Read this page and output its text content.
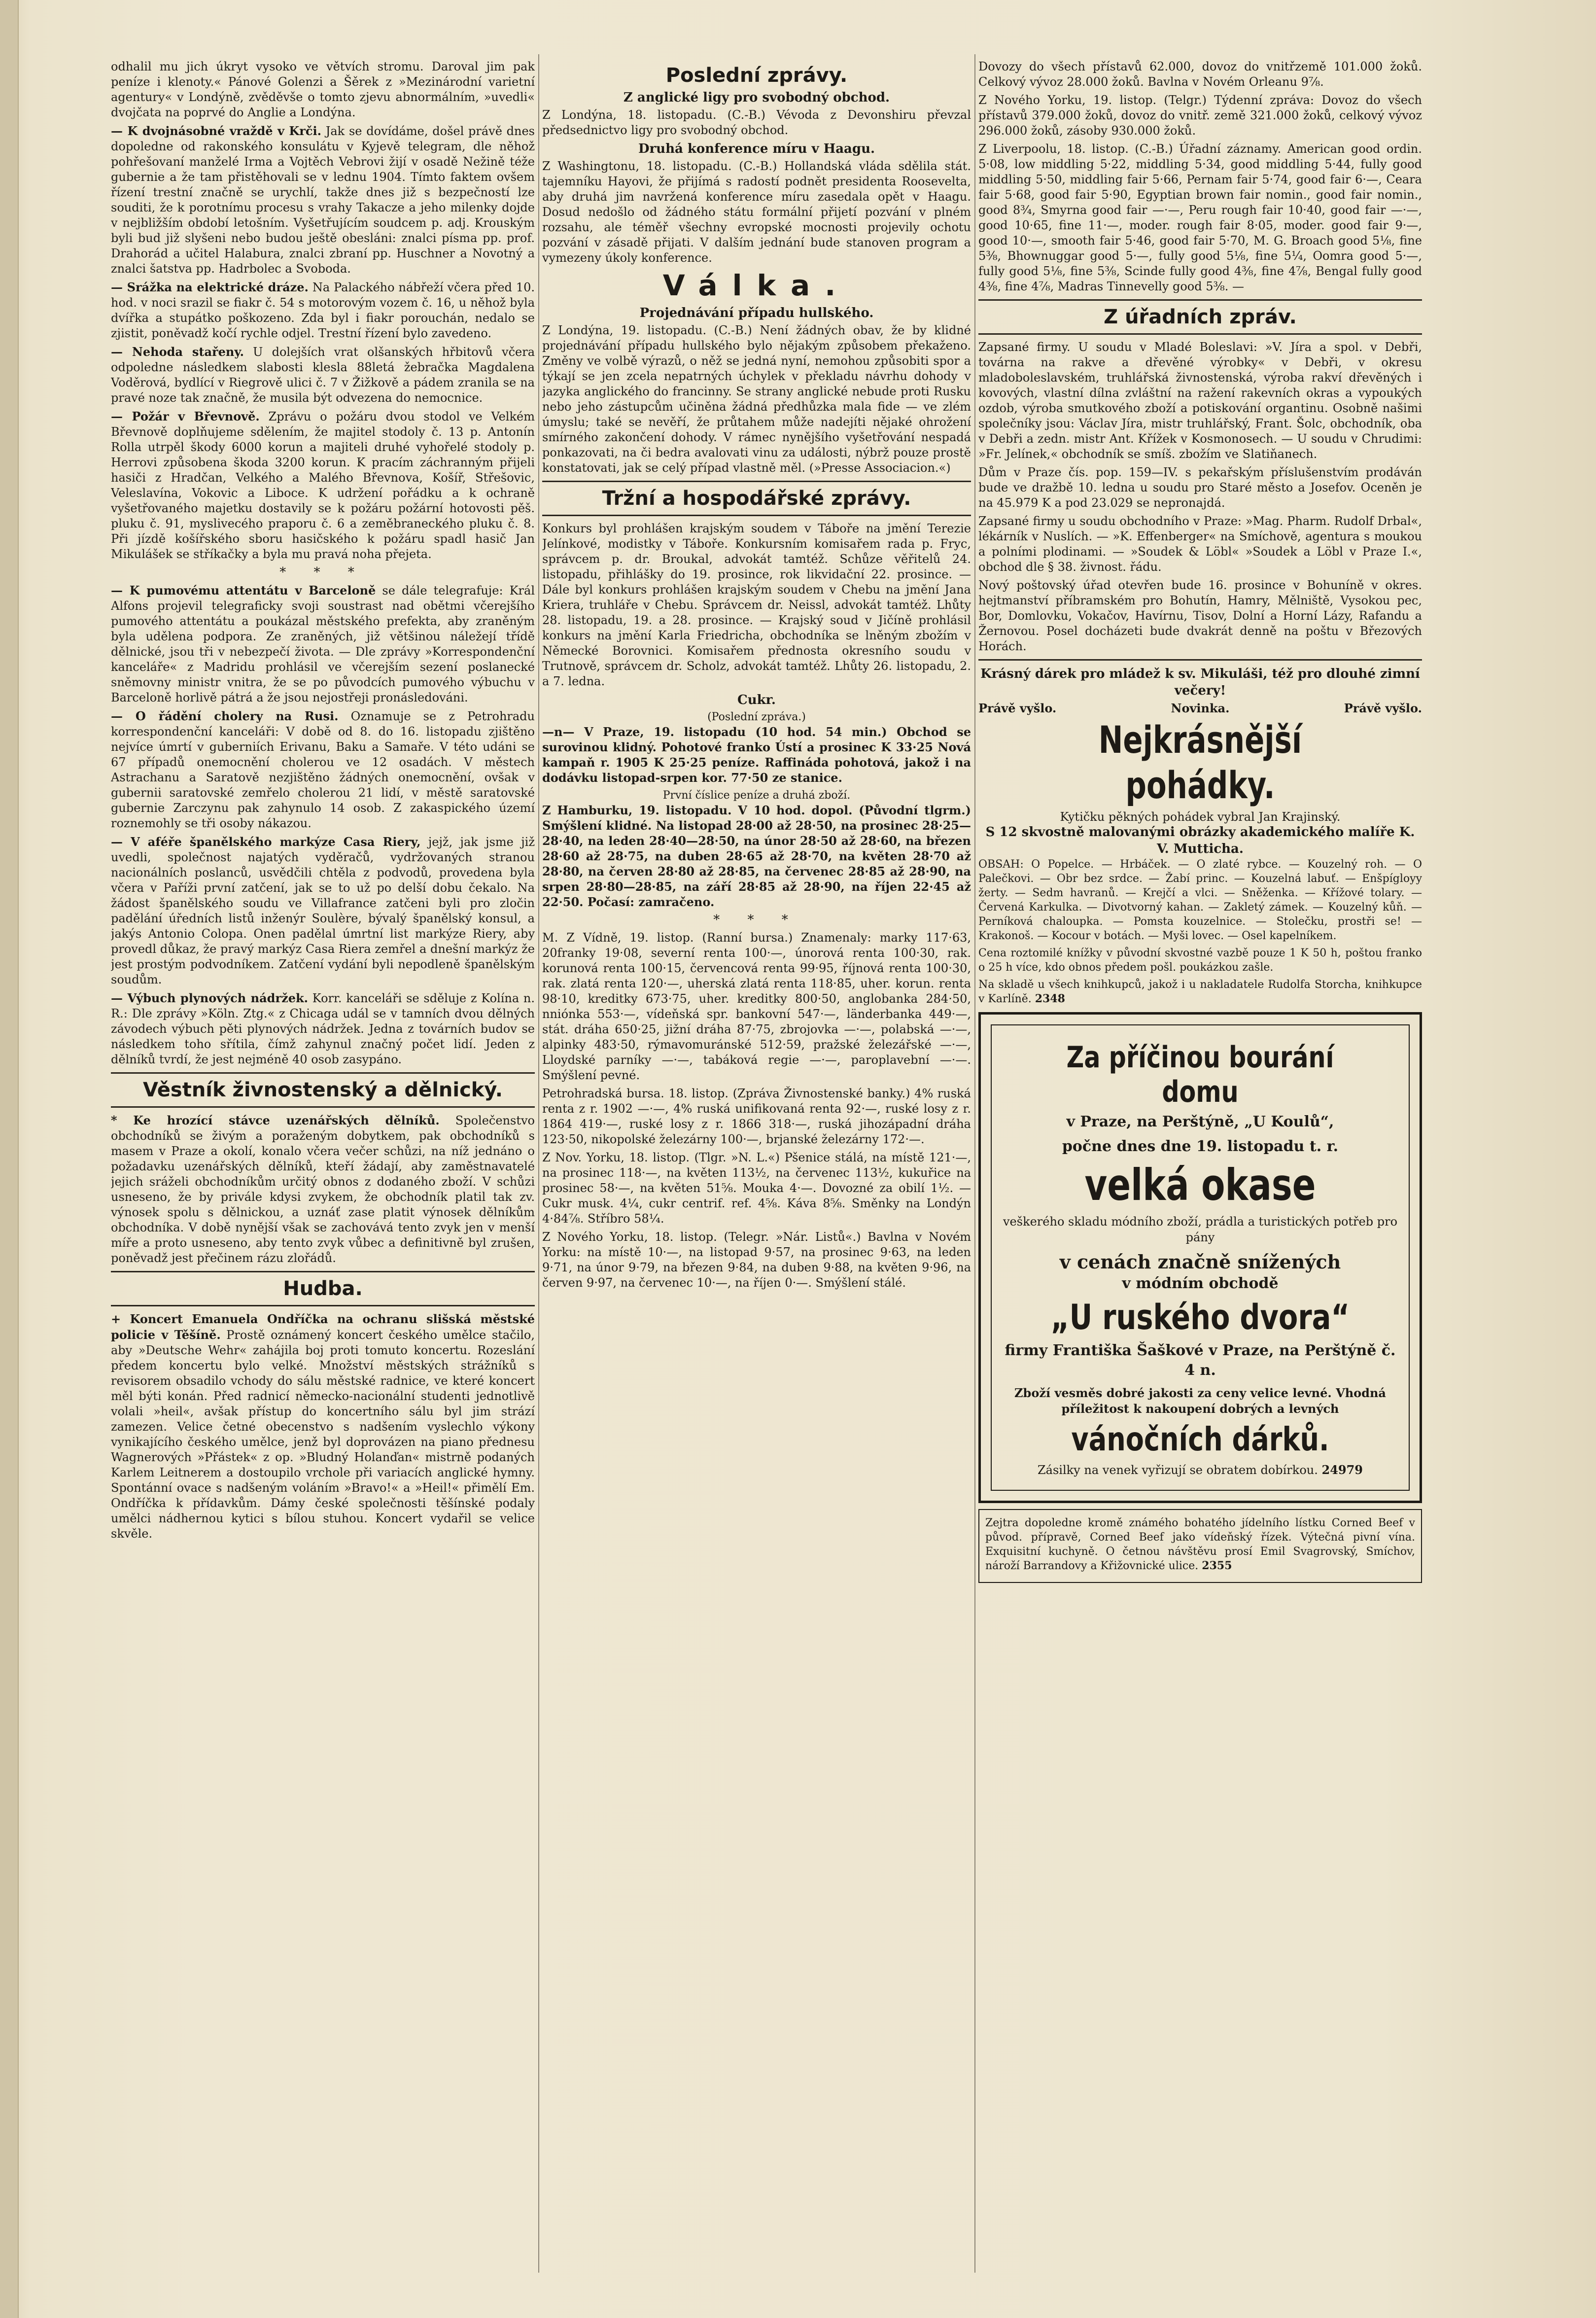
odhalil mu jich úkryt vysoko ve větvích stromu. Daroval jim pak peníze i klenoty.« Pánové Golenzi a Šěrek z »Mezinárodní varietní agentury« v Londýně, zvěděvše o tomto zjevu abnormálním, »uvedli« dvojčata na poprvé do Anglie a Londýna.

— K dvojnásobné vraždě v Krči. Jak se dovídáme, došel právě dnes dopoledne od rakonského konsulátu v Kyjevě telegram, dle něhož pohřešovaní manželé Irma a Vojtěch Vebrovi žijí v osadě Nežině téže gubernie a že tam přistěhovali se v lednu 1904. Tímto faktem ovšem řízení trestní značně se urychlí, takže dnes již s bezpečností lze souditi, že k porotnímu procesu s vrahy Takacze a jeho milenky dojde v nejbližším období letošním. Vyšetřujícím soudcem p. adj. Krouským byli bud již slyšeni nebo budou ještě obesláni: znalci písma pp. prof. Drahorád a učitel Halabura, znalci zbraní pp. Huschner a Novotný a znalci šatstva pp. Hadrbolec a Svoboda.

— Srážka na elektrické dráze. Na Palackého nábřeží včera před 10. hod. v noci srazil se fiakr č. 54 s motorovým vozem č. 16, u něhož byla dvířka a stupátko poškozeno. Zda byl i fiakr porouchán, nedalo se zjistit, poněvadž kočí rychle odjel. Trestní řízení bylo zavedeno.

— Nehoda stařeny. U dolejších vrat olšanských hřbitovů včera odpoledne následkem slabosti klesla 88letá žebračka Magdalena Voděrová, bydlící v Riegrově ulici č. 7 v Žižkově a pádem zranila se na pravé noze tak značně, že musila být odvezena do nemocnice.

— Požár v Břevnově. Zprávu o požáru dvou stodol ve Velkém Břevnově doplňujeme sdělením, že majitel stodoly č. 13 p. Antonín Rolla utrpěl škody 6000 korun a majiteli druhé vyhořelé stodoly p. Herrovi způsobena škoda 3200 korun. K pracím záchranným přijeli hasiči z Hradčan, Velkého a Malého Břevnova, Košíř, Střešovic, Veleslavína, Vokovic a Liboce. K udržení pořádku a k ochraně vyšetřovaného majetku dostavily se k požáru požární hotovosti pěš. pluku č. 91, myslivecého praporu č. 6 a zeměbraneckého pluku č. 8. Při jízdě košířského sboru hasičského k požáru spadl hasič Jan Mikulášek se stříkačky a byla mu pravá noha přejeta.

* * *

— K pumovému attentátu v Barceloně se dále telegrafuje: Král Alfons projevil telegraficky svoji soustrast nad obětmi včerejšího pumového attentátu a poukázal městského prefekta, aby zraněným byla udělena podpora. Ze zraněných, již většinou náležejí třídě dělnické, jsou tři v nebezpečí života. — Dle zprávy »Korrespondenční kanceláře« z Madridu prohlásil ve včerejším sezení poslanecké sněmovny ministr vnitra, že se po původcích pumového výbuchu v Barceloně horlivě pátrá a že jsou nejostřeji pronásledováni.

— O řádění cholery na Rusi. Oznamuje se z Petrohradu korrespondenční kanceláři: V době od 8. do 16. listopadu zjištěno nejvíce úmrtí v guberniích Erivanu, Baku a Samaře. V této udáni se 67 případů onemocnění cholerou ve 12 osadách. V městech Astrachanu a Saratově nezjištěno žádných onemocnění, ovšak v gubernii saratovské zemřelo cholerou 21 lidí, v městě saratovské gubernie Zarczynu pak zahynulo 14 osob. Z zakaspického území roznemohly se tři osoby nákazou.

— V aféře španělského markýze Casa Riery, jejž, jak jsme již uvedli, společnost najatých vyděračů, vydržovaných stranou nacionálních poslanců, usvědčili chtěla z podvodů, provedena byla včera v Paříži první zatčení, jak se to už po delší dobu čekalo. Na žádost španělského soudu ve Villafrance zatčeni byli pro zločin padělání úředních listů inženýr Soulère, bývalý španělský konsul, a jakýs Antonio Colopa. Onen padělal úmrtní list markýze Riery, aby provedl důkaz, že pravý markýz Casa Riera zemřel a dnešní markýz že jest prostým podvodníkem. Zatčení vydání byli nepodleně španělským soudům.

— Výbuch plynových nádržek. Korr. kanceláři se sděluje z Kolína n. R.: Dle zprávy »Köln. Ztg.« z Chicaga udál se v tamních dvou dělných závodech výbuch pěti plynových nádržek. Jedna z továrních budov se následkem toho sřítila, čímž zahynul značný počet lidí. Jeden z dělníků tvrdí, že jest nejméně 40 osob zasypáno.

Věstník živnostenský a dělnický.

* Ke hrozící stávce uzenářských dělníků. Společenstvo obchodníků se živým a poraženým dobytkem, pak obchodníků s masem v Praze a okolí, konalo včera večer schůzi, na níž jednáno o požadavku uzenářských dělníků, kteří žádají, aby zaměstnavatelé jejich sráželi obchodníkům určitý obnos z dodaného zboží. V schůzi usneseno, že by privále kdysi zvykem, že obchodník platil tak zv. výnosek spolu s dělnickou, a uznáť zase platit výnosek dělníkům obchodníka. V době nynější však se zachovává tento zvyk jen v menší míře a proto usneseno, aby tento zvyk vůbec a definitivně byl zrušen, poněvadž jest přečinem rázu zlořádů.

Hudba.

+ Koncert Emanuela Ondříčka na ochranu slišská městské policie v Těšíně. Prostě oznámený koncert českého umělce stačilo, aby »Deutsche Wehr« zahájila boj proti tomuto koncertu. Rozeslání předem koncertu bylo velké. Množství městských strážníků s revisorem obsadilo vchody do sálu městské radnice, ve které koncert měl býti konán. Před radnicí německo-nacionální studenti jednotlivě volali »heil«, avšak přístup do koncertního sálu byl jim strází zamezen. Velice četné obecenstvo s nadšením vyslechlo výkony vynikajícího českého umělce, jenž byl doprovázen na piano přednesu Wagnerových »Přástek« z op. »Bludný Holanďan« mistrně podaných Karlem Leitnerem a dostoupilo vrchole při variacích anglické hymny. Spontánní ovace s nadšeným voláním »Bravo!« a »Heil!« přimělí Em. Ondříčka k přídavkům. Dámy české společnosti těšínské podaly umělci nádhernou kytici s bílou stuhou. Koncert vydařil se velice skvěle.

Poslední zprávy.
Z anglické ligy pro svobodný obchod.

Z Londýna, 18. listopadu. (C.-B.) Vévoda z Devonshiru převzal předsednictvo ligy pro svobodný obchod.

Druhá konference míru v Haagu.

Z Washingtonu, 18. listopadu. (C.-B.) Hollandská vláda sdělila stát. tajemníku Hayovi, že přijímá s radostí podnět presidenta Roosevelta, aby druhá jim navržená konference míru zasedala opět v Haagu. Dosud nedošlo od žádného státu formální přijetí pozvání v plném rozsahu, ale téměř všechny evropské mocnosti projevily ochotu pozvání v zásadě přijati. V dalším jednání bude stanoven program a vymezeny úkoly konference.

Válka.
Projednávání případu hullského.

Z Londýna, 19. listopadu. (C.-B.) Není žádných obav, že by klidné projednávání případu hullského bylo nějakým způsobem překaženo. Změny ve volbě výrazů, o něž se jedná nyní, nemohou způsobiti spor a týkají se jen zcela nepatrných úchylek v překladu návrhu dohody v jazyka anglického do francinny. Se strany anglické nebude proti Rusku nebo jeho zástupcům učiněna žádná předhůzka mala fide — ve zlém úmyslu; také se nevěří, že průtahem může nadejíti nějaké ohrožení smírného zakončení dohody. V rámec nynějšího vyšetřování nespadá ponkazovati, na či bedra avalovati vinu za události, nýbrž pouze prostě konstatovati, jak se celý případ vlastně měl. (»Presse Associacion.«)

Tržní a hospodářské zprávy.

Konkurs byl prohlášen krajským soudem v Táboře na jmění Terezie Jelínkové, modistky v Táboře. Konkursním komisařem rada p. Fryc, správcem p. dr. Broukal, advokát tamtéž. Schůze věřitelů 24. listopadu, přihlášky do 19. prosince, rok likvidační 22. prosince. — Dále byl konkurs prohlášen krajským soudem v Chebu na jmění Jana Kriera, truhláře v Chebu. Správcem dr. Neissl, advokát tamtéž. Lhůty 28. listopadu, 19. a 28. prosince. — Krajský soud v Jičíně prohlásil konkurs na jmění Karla Friedricha, obchodníka se lněným zbožím v Německé Borovnici. Komisařem přednosta okresního soudu v Trutnově, správcem dr. Scholz, advokát tamtéž. Lhůty 26. listopadu, 2. a 7. ledna.

Cukr.
(Poslední zpráva.)

—n— V Praze, 19. listopadu (10 hod. 54 min.) Obchod se surovinou klidný. Pohotové franko Ústí a prosinec K 33·25 Nová kampaň r. 1905 K 25·25 peníze. Raffináda pohotová, jakož i na dodávku listopad-srpen kor. 77·50 ze stanice.

První číslice peníze a druhá zboží.

Z Hamburku, 19. listopadu. V 10 hod. dopol. (Původní tlgrm.) Smýšlení klidné. Na listopad 28·00 až 28·50, na prosinec 28·25—28·40, na leden 28·40—28·50, na únor 28·50 až 28·60, na březen 28·60 až 28·75, na duben 28·65 až 28·70, na květen 28·70 až 28·80, na červen 28·80 až 28·85, na červenec 28·85 až 28·90, na srpen 28·80—28·85, na září 28·85 až 28·90, na říjen 22·45 až 22·50. Počasí: zamračeno.

* * *

M. Z Vídně, 19. listop. (Ranní bursa.) Znamenaly: marky 117·63, 20franky 19·08, severní renta 100·—, únorová renta 100·30, rak. korunová renta 100·15, červencová renta 99·95, říjnová renta 100·30, rak. zlatá renta 120·—, uherská zlatá renta 118·85, uher. korun. renta 98·10, kreditky 673·75, uher. kreditky 800·50, anglobanka 284·50, nniónka 553·—, vídeňská spr. bankovní 547·—, länderbanka 449·—, stát. dráha 650·25, jižní dráha 87·75, zbrojovka —·—, polabská —·—, alpinky 483·50, rýmavomuránské 512·59, pražské železářské —·—, Lloydské parníky —·—, tabáková regie —·—, paroplavební —·—. Smýšlení pevné.

Petrohradská bursa. 18. listop. (Zpráva Živnostenské banky.) 4% ruská renta z r. 1902 —·—, 4% ruská unifikovaná renta 92·—, ruské losy z r. 1864 419·—, ruské losy z r. 1866 318·—, ruská jihozápadní dráha 123·50, nikopolské železárny 100·—, brjanské železárny 172·—.

Z Nov. Yorku, 18. listop. (Tlgr. »N. L.«) Pšenice stálá, na místě 121·—, na prosinec 118·—, na květen 113½, na červenec 113½, kukuřice na prosinec 58·—, na květen 51⅝. Mouka 4·—. Dovozné za obilí 1½. — Cukr musk. 4¼, cukr centrif. ref. 4⅝. Káva 8⅝. Směnky na Londýn 4·84⅞. Stříbro 58¼.

Z Nového Yorku, 18. listop. (Telegr. »Nár. Listů«.) Bavlna v Novém Yorku: na místě 10·—, na listopad 9·57, na prosinec 9·63, na leden 9·71, na únor 9·79, na březen 9·84, na duben 9·88, na květen 9·96, na červen 9·97, na červenec 10·—, na říjen 0·—. Smýšlení stálé.

Dovozy do všech přístavů 62.000, dovoz do vnitřzemě 101.000 žoků. Celkový vývoz 28.000 žoků. Bavlna v Novém Orleanu 9⅞.

Z Nového Yorku, 19. listop. (Telgr.) Týdenní zpráva: Dovoz do všech přístavů 379.000 žoků, dovoz do vnitř. země 321.000 žoků, celkový vývoz 296.000 žoků, zásoby 930.000 žoků.

Z Liverpoolu, 18. listop. (C.-B.) Úřadní záznamy. American good ordin. 5·08, low middling 5·22, middling 5·34, good middling 5·44, fully good middling 5·50, middling fair 5·66, Pernam fair 5·74, good fair 6·—, Ceara fair 5·68, good fair 5·90, Egyptian brown fair nomin., good fair nomin., good 8¾, Smyrna good fair —·—, Peru rough fair 10·40, good fair —·—, good 10·65, fine 11·—, moder. rough fair 8·05, moder. good fair 9·—, good 10·—, smooth fair 5·46, good fair 5·70, M. G. Broach good 5⅛, fine 5⅜, Bhownuggar good 5·—, fully good 5⅛, fine 5¼, Oomra good 5·—, fully good 5⅛, fine 5⅜, Scinde fully good 4⅜, fine 4⅞, Bengal fully good 4⅜, fine 4⅞, Madras Tinnevelly good 5⅜. —

Z úřadních zpráv.

Zapsané firmy. U soudu v Mladé Boleslavi: »V. Jíra a spol. v Debři, továrna na rakve a dřevěné výrobky« v Debři, v okresu mladoboleslavském, truhlářská živnostenská, výroba rakví dřevěných i kovových, vlastní dílna zvláštní na ražení rakevních okras a vypoukých ozdob, výroba smutkového zboží a potiskování organtinu. Osobně našimi společníky jsou: Václav Jíra, mistr truhlářský, Frant. Šolc, obchodník, oba v Debři a zedn. mistr Ant. Křížek v Kosmonosech. — U soudu v Chrudimi: »Fr. Jelínek,« obchodník se smíš. zbožím ve Slatiňanech.

Dům v Praze čís. pop. 159—IV. s pekařským příslušenstvím prodáván bude ve dražbě 10. ledna u soudu pro Staré město a Josefov. Oceněn je na 45.979 K a pod 23.029 se nepronajdá.

Zapsané firmy u soudu obchodního v Praze: »Mag. Pharm. Rudolf Drbal«, lékárník v Nuslích. — »K. Effenberger« na Smíchově, agentura s moukou a polními plodinami. — »Soudek & Löbl« »Soudek a Löbl v Praze I.«, obchod dle § 38. živnost. řádu.

Nový poštovský úřad otevřen bude 16. prosince v Bohuníně v okres. hejtmanství příbramském pro Bohutín, Hamry, Mělniště, Vysokou pec, Bor, Domlovku, Vokačov, Havírnu, Tisov, Dolní a Horní Lázy, Rafandu a Žernovou. Posel docházeti bude dvakrát denně na poštu v Březových Horách.

Krásný dárek pro mládež k sv. Mikuláši, též pro dlouhé zimní večery!
Právě vyšlo.	Novinka.	Právě vyšlo.
Nejkrásnější pohádky.
Kytičku pěkných pohádek vybral Jan Krajinský.
S 12 skvostně malovanými obrázky akademického malíře K. V. Muttichа.

OBSAH: O Popelce. — Hrbáček. — O zlaté rybce. — Kouzelný roh. — O Palečkovi. — Obr bez srdce. — Žabí princ. — Kouzelná labuť. — Enšpígloyy žerty. — Sedm havranů. — Krejčí a vlci. — Sněženka. — Křížové tolary. — Červená Karkulka. — Divotvorný kahan. — Zakletý zámek. — Kouzelný kůň. — Perníková chaloupka. — Pomsta kouzelnice. — Stolečku, prostři se! — Krakonoš. — Kocour v botách. — Myši lovec. — Osel kapelníkem.

Cena roztomilé knížky v původní skvostné vazbě pouze 1 K 50 h, poštou franko o 25 h více, kdo obnos předem pošl. poukázkou zašle.

Na skladě u všech knihkupců, jakož i u nakladatele Rudolfa Storcha, knihkupce v Karlíně. 2348

Za příčinou bourání domu
v Praze, na Perštýně, „U Koulů“,
počne dnes dne 19. listopadu t. r.
velká okase
veškerého skladu módního zboží, prádla a turistických potřeb pro pány
v cenách značně snížených
v módním obchodě
„U ruského dvora“
firmy Františka Šaškové v Praze, na Perštýně č. 4 n.
Zboží vesměs dobré jakosti za ceny velice levné. Vhodná příležitost k nakoupení dobrých a levných
vánočních dárků.
Zásilky na venek vyřizují se obratem dobírkou. 24979

Zejtra dopoledne kromě známého bohatého jídelního lístku Corned Beef v původ. přípravě, Corned Beef jako vídeňský řízek. Výtečná pivní vína. Exquisitní kuchyně. O četnou návštěvu prosí Emil Svagrovský, Smíchov, nároží Barrandovy a Křižovnické ulice. 2355
